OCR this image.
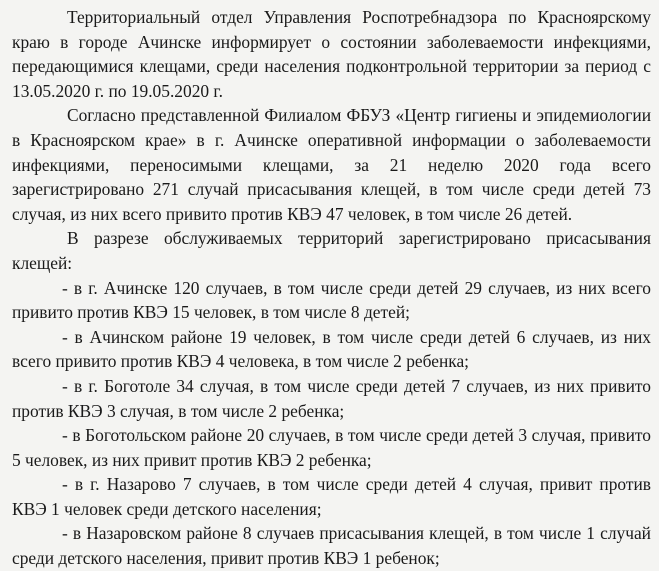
Территориальный отдел Управления Роспотребнадзора по Красноярскому краю в городе Ачинске информирует о состоянии заболеваемости инфекциями, передающимися клещами, среди населения подконтрольной территории за период с 13.05.2020 г. по 19.05.2020 г.

Согласно представленной Филиалом ФБУЗ «Центр гигиены и эпидемиологии в Красноярском крае» в г. Ачинске оперативной информации о заболеваемости инфекциями, переносимыми клещами, за 21 неделю 2020 года всего зарегистрировано 271 случай присасывания клещей, в том числе среди детей 73 случая, из них всего привито против КВЭ 47 человек, в том числе 26 детей.

В разрезе обслуживаемых территорий зарегистрировано присасывания клещей:

- в г. Ачинске 120 случаев, в том числе среди детей 29 случаев, из них всего привито против КВЭ 15 человек, в том числе 8 детей;

- в Ачинском районе 19 человек, в том числе среди детей 6 случаев, из них всего привито против КВЭ 4 человека, в том числе 2 ребенка;

- в г. Боготоле 34 случая, в том числе среди детей 7 случаев, из них привито против КВЭ 3 случая, в том числе 2 ребенка;

- в Боготольском районе 20 случаев, в том числе среди детей 3 случая, привито 5 человек, из них привит против КВЭ 2 ребенка;

- в г. Назарово 7 случаев, в том числе среди детей 4 случая, привит против КВЭ 1 человек среди детского населения;

- в Назаровском районе 8 случаев присасывания клещей, в том числе 1 случай среди детского населения, привит против КВЭ 1 ребенок;
